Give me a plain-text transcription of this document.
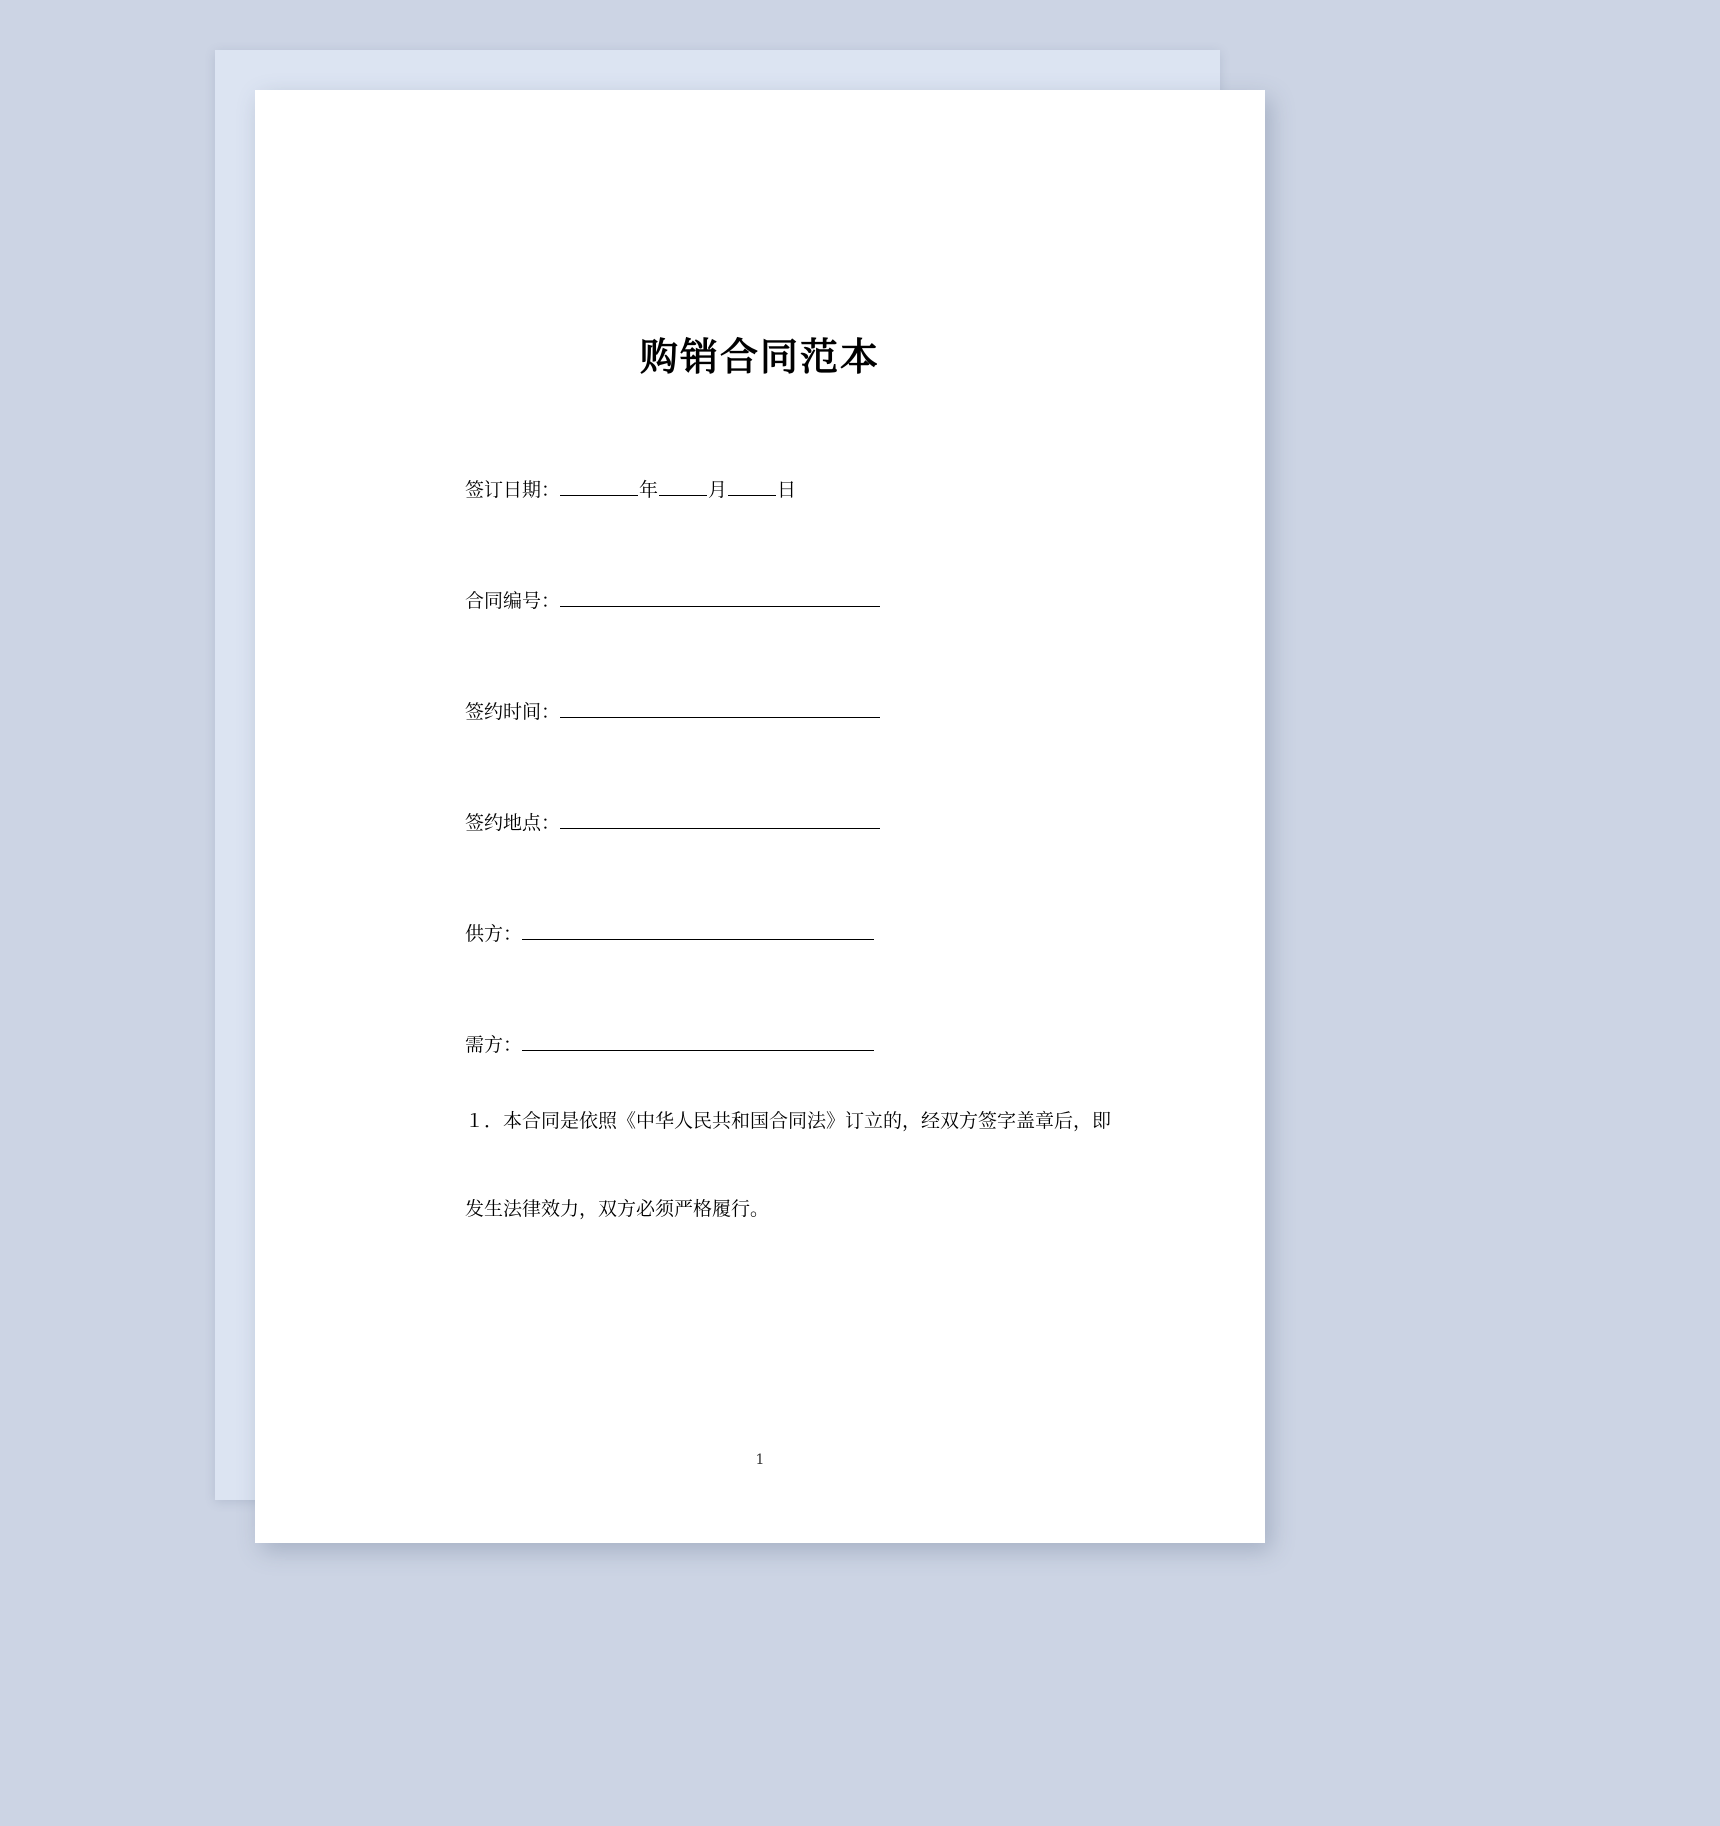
购销合同范本
签订日期：	年	月	日
合同编号：
签约时间：
签约地点：
供方：
需方：
１．本合同是依照《中华人民共和国合同法》订立的，经双方签字盖章后，即
发生法律效力，双方必须严格履行。
1
